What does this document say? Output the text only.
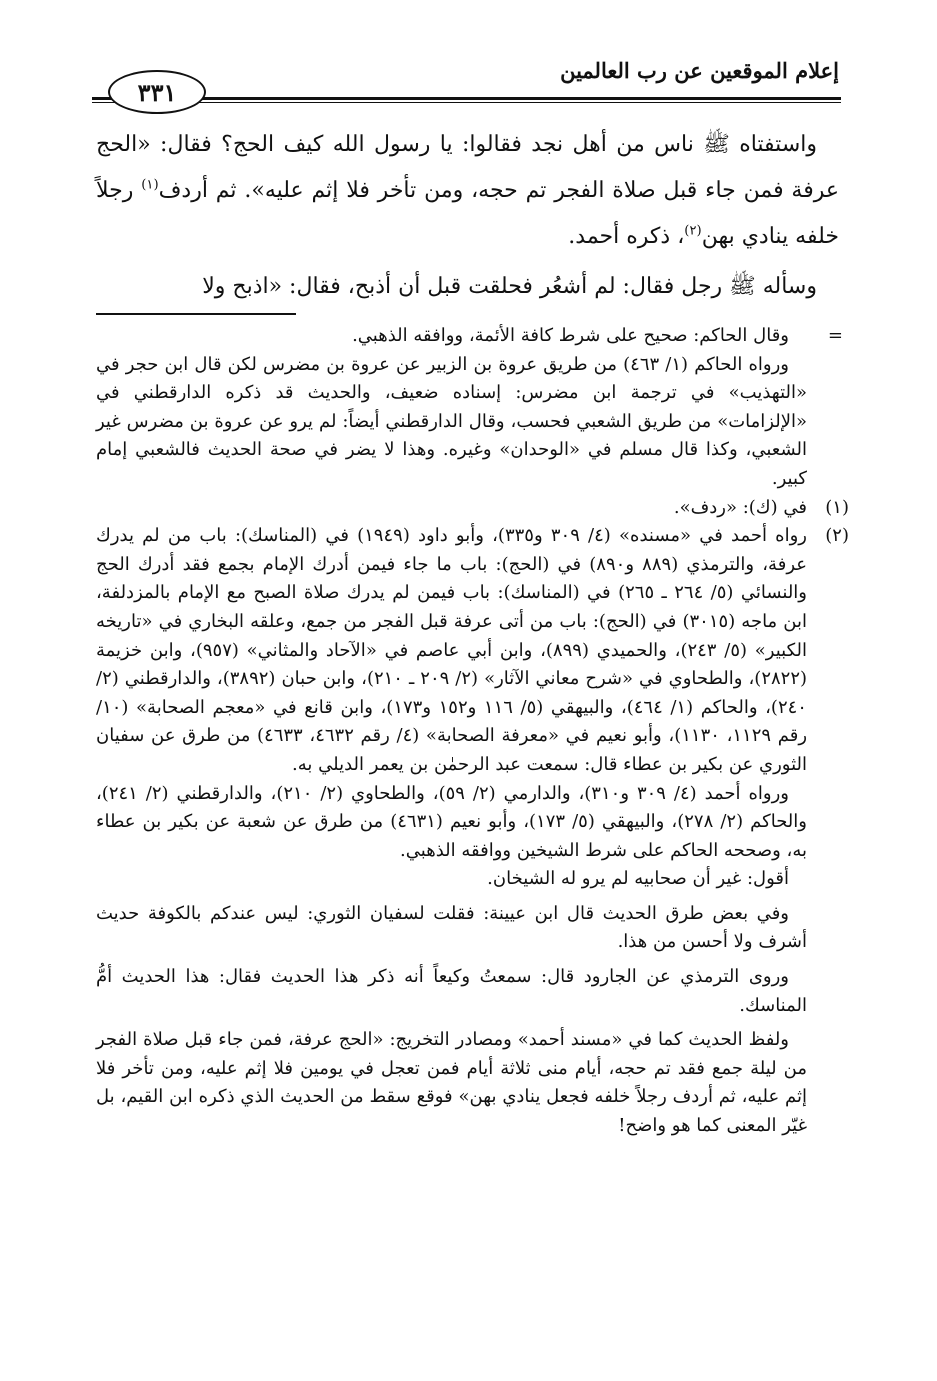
إعلام الموقعين عن رب العالمين
٣٣١

واستفتاه ﷺ ناس من أهل نجد فقالوا: يا رسول الله كيف الحج؟ فقال: «الحج عرفة فمن جاء قبل صلاة الفجر تم حجه، ومن تأخر فلا إثم عليه». ثم أردف$^{(١)}$ رجلاً خلفه ينادي بهن$^{(٢)}$، ذكره أحمد.

وسأله ﷺ رجل فقال: لم أشعُر فحلقت قبل أن أذبح، فقال: «اذبح ولا

=

وقال الحاكم: صحيح على شرط كافة الأئمة، ووافقه الذهبي.

ورواه الحاكم (١/ ٤٦٣) من طريق عروة بن الزبير عن عروة بن مضرس لكن قال ابن حجر في «التهذيب» في ترجمة ابن مضرس: إسناده ضعيف، والحديث قد ذكره الدارقطني في «الإلزامات» من طريق الشعبي فحسب، وقال الدارقطني أيضاً: لم يرو عن عروة بن مضرس غير الشعبي، وكذا قال مسلم في «الوحدان» وغيره. وهذا لا يضر في صحة الحديث فالشعبي إمام كبير.

(١)

في (ك): «ردف».

(٢)

رواه أحمد في «مسنده» (٤/ ٣٠٩ و٣٣٥)، وأبو داود (١٩٤٩) في (المناسك): باب من لم يدرك عرفة، والترمذي (٨٨٩ و٨٩٠) في (الحج): باب ما جاء فيمن أدرك الإمام بجمع فقد أدرك الحج والنسائي (٥/ ٢٦٤ ـ ٢٦٥) في (المناسك): باب فيمن لم يدرك صلاة الصبح مع الإمام بالمزدلفة، ابن ماجه (٣٠١٥) في (الحج): باب من أتى عرفة قبل الفجر من جمع، وعلقه البخاري في «تاريخه الكبير» (٥/ ٢٤٣)، والحميدي (٨٩٩)، وابن أبي عاصم في «الآحاد والمثاني» (٩٥٧)، وابن خزيمة (٢٨٢٢)، والطحاوي في «شرح معاني الآثار» (٢/ ٢٠٩ ـ ٢١٠)، وابن حبان (٣٨٩٢)، والدارقطني (٢/ ٢٤٠)، والحاكم (١/ ٤٦٤)، والبيهقي (٥/ ١١٦ و١٥٢ و١٧٣)، وابن قانع في «معجم الصحابة» (١٠/ رقم ١١٢٩، ١١٣٠)، وأبو نعيم في «معرفة الصحابة» (٤/ رقم ٤٦٣٢، ٤٦٣٣) من طرق عن سفيان الثوري عن بكير بن عطاء قال: سمعت عبد الرحمٰن بن يعمر الديلي به.

ورواه أحمد (٤/ ٣٠٩ و٣١٠)، والدارمي (٢/ ٥٩)، والطحاوي (٢/ ٢١٠)، والدارقطني (٢/ ٢٤١)، والحاكم (٢/ ٢٧٨)، والبيهقي (٥/ ١٧٣)، وأبو نعيم (٤٦٣١) من طرق عن شعبة عن بكير بن عطاء به، وصححه الحاكم على شرط الشيخين ووافقه الذهبي.

أقول: غير أن صحابيه لم يرو له الشيخان.

وفي بعض طرق الحديث قال ابن عيينة: فقلت لسفيان الثوري: ليس عندكم بالكوفة حديث أشرف ولا أحسن من هذا.

وروى الترمذي عن الجارود قال: سمعتُ وكيعاً أنه ذكر هذا الحديث فقال: هذا الحديث أمُّ المناسك.

ولفظ الحديث كما في «مسند أحمد» ومصادر التخريج: «الحج عرفة، فمن جاء قبل صلاة الفجر من ليلة جمع فقد تم حجه، أيام منى ثلاثة أيام فمن تعجل في يومين فلا إثم عليه، ومن تأخر فلا إثم عليه، ثم أردف رجلاً خلفه فجعل ينادي بهن» فوقع سقط من الحديث الذي ذكره ابن القيم، بل غيّر المعنى كما هو واضح!
